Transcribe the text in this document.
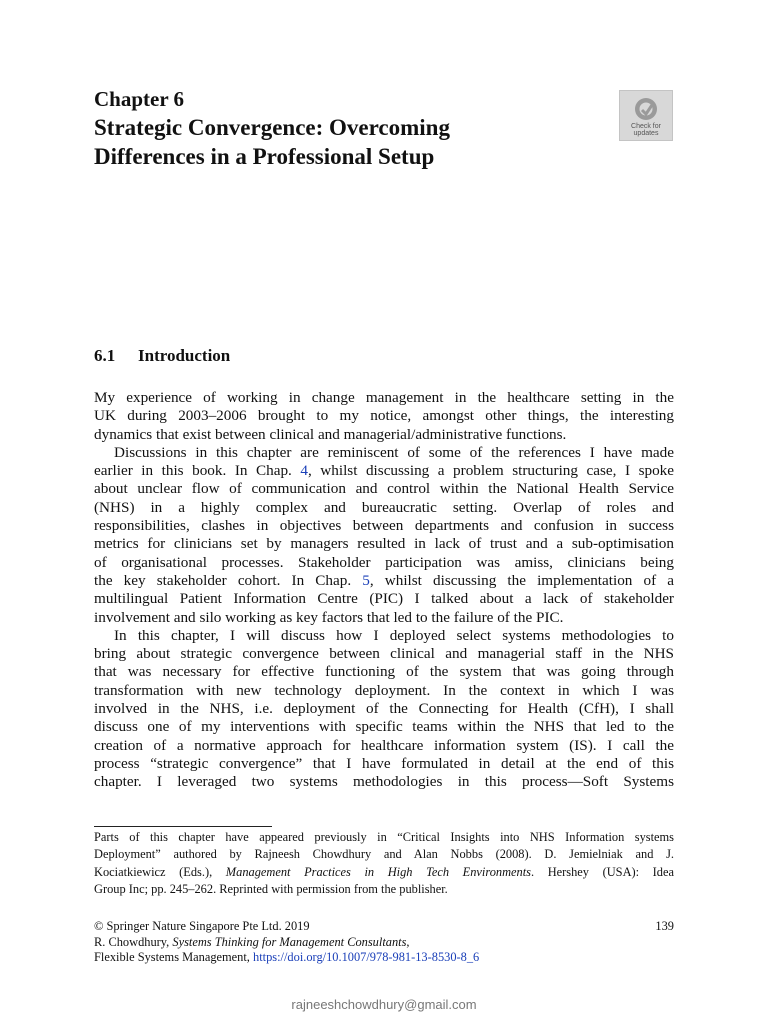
Chapter 6
Strategic Convergence: Overcoming
Differences in a Professional Setup
Check for
updates
6.1 Introduction

My experience of working in change management in the healthcare setting in the

UK during 2003–2006 brought to my notice, amongst other things, the interesting

dynamics that exist between clinical and managerial/administrative functions.

Discussions in this chapter are reminiscent of some of the references I have made

earlier in this book. In Chap. 4, whilst discussing a problem structuring case, I spoke

about unclear flow of communication and control within the National Health Service

(NHS) in a highly complex and bureaucratic setting. Overlap of roles and

responsibilities, clashes in objectives between departments and confusion in success

metrics for clinicians set by managers resulted in lack of trust and a sub-optimisation

of organisational processes. Stakeholder participation was amiss, clinicians being

the key stakeholder cohort. In Chap. 5, whilst discussing the implementation of a

multilingual Patient Information Centre (PIC) I talked about a lack of stakeholder

involvement and silo working as key factors that led to the failure of the PIC.

In this chapter, I will discuss how I deployed select systems methodologies to

bring about strategic convergence between clinical and managerial staff in the NHS

that was necessary for effective functioning of the system that was going through

transformation with new technology deployment. In the context in which I was

involved in the NHS, i.e. deployment of the Connecting for Health (CfH), I shall

discuss one of my interventions with specific teams within the NHS that led to the

creation of a normative approach for healthcare information system (IS). I call the

process “strategic convergence” that I have formulated in detail at the end of this

chapter. I leveraged two systems methodologies in this process—Soft Systems

Parts of this chapter have appeared previously in “Critical Insights into NHS Information systems

Deployment” authored by Rajneesh Chowdhury and Alan Nobbs (2008). D. Jemielniak and J.

Kociatkiewicz (Eds.), Management Practices in High Tech Environments. Hershey (USA): Idea

Group Inc; pp. 245–262. Reprinted with permission from the publisher.

© Springer Nature Singapore Pte Ltd. 2019	139
R. Chowdhury, Systems Thinking for Management Consultants,
Flexible Systems Management, https://doi.org/10.1007/978-981-13-8530-8_6
rajneeshchowdhury@gmail.com
